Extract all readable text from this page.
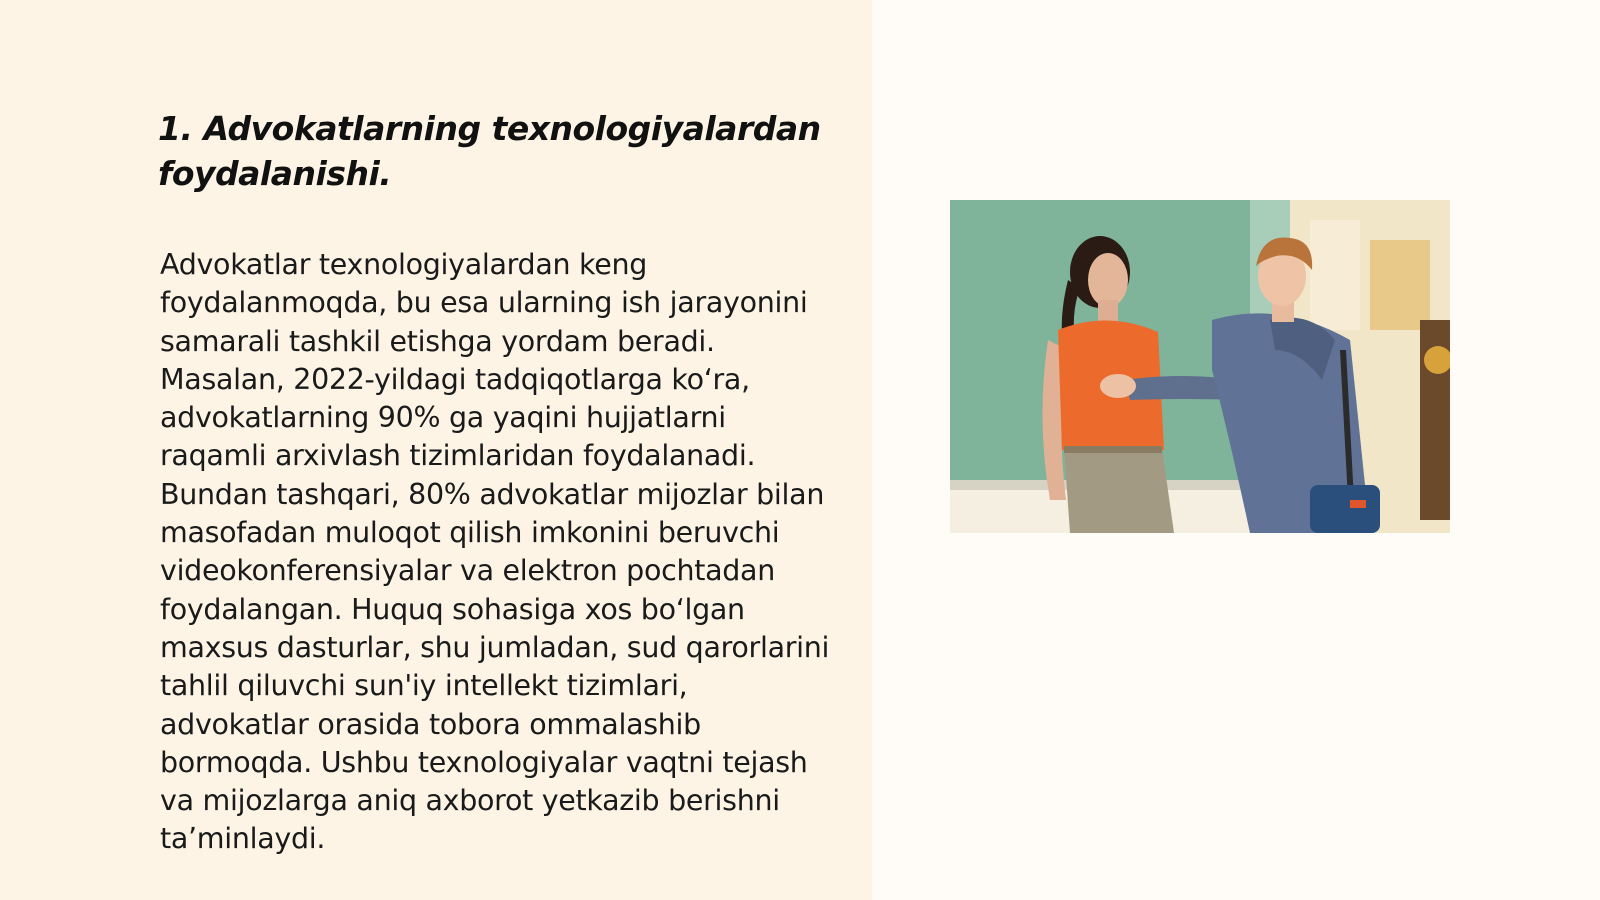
1. Advokatlarning texnologiyalardan foydalanishi.

Advokatlar texnologiyalardan keng foydalanmoqda, bu esa ularning ish jarayonini samarali tashkil etishga yordam beradi. Masalan, 2022-yildagi tadqiqotlarga koʻra, advokatlarning 90% ga yaqini hujjatlarni raqamli arxivlash tizimlaridan foydalanadi. Bundan tashqari, 80% advokatlar mijozlar bilan masofadan muloqot qilish imkonini beruvchi videokonferensiyalar va elektron pochtadan foydalangan. Huquq sohasiga xos boʻlgan maxsus dasturlar, shu jumladan, sud qarorlarini tahlil qiluvchi sun'iy intellekt tizimlari, advokatlar orasida tobora ommalashib bormoqda. Ushbu texnologiyalar vaqtni tejash va mijozlarga aniq axborot yetkazib berishni taʼminlaydi.
